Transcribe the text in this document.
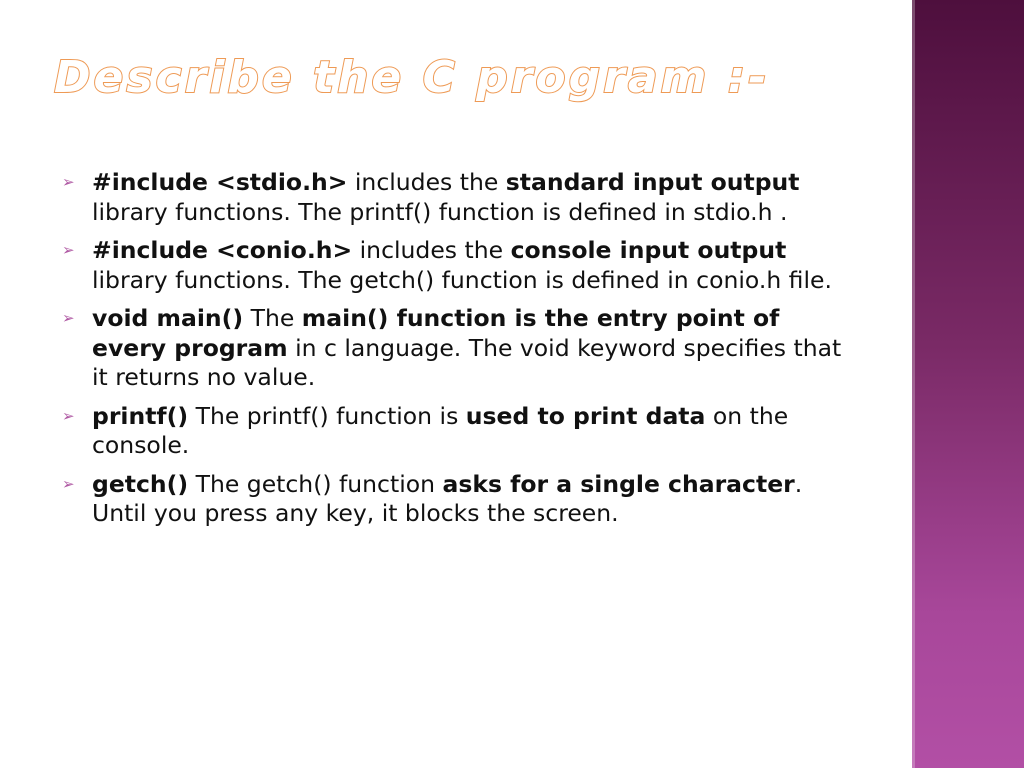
Describe the C program :-
➢ #include <stdio.h> includes the standard input output library functions. The printf() function is defined in stdio.h .
➢ #include <conio.h> includes the console input output library functions. The getch() function is defined in conio.h file.
➢ void main() The main() function is the entry point of every program in c language. The void keyword specifies that it returns no value.
➢ printf() The printf() function is used to print data on the console.
➢ getch() The getch() function asks for a single character. Until you press any key, it blocks the screen.
